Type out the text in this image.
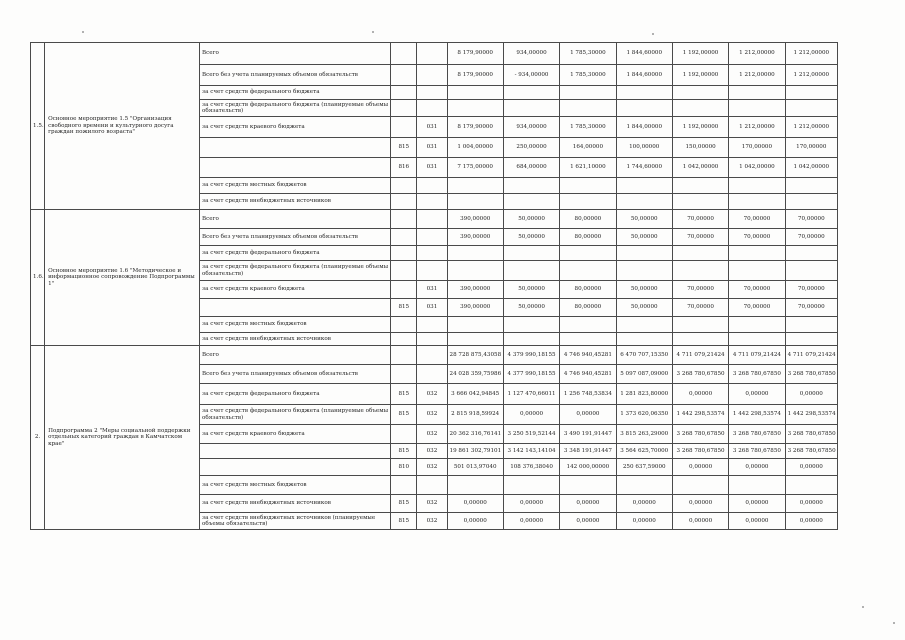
1.5.	Основное мероприятие 1.5 "Организация свободного времени и культурного досуга граждан пожилого возраста"	Всего			8 179,90000	934,00000	1 785,30000	1 844,60000	1 192,00000	1 212,00000	1 212,00000
		Всего без учета планируемых объемов обязательств			8 179,90000	- 934,00000	1 785,30000	1 844,60000	1 192,00000	1 212,00000	1 212,00000
		за счет средств федерального бюджета									
		за счет средств федерального бюджета (планируемые объемы обязательств)									
		за счет средств краевого бюджета		031	8 179,90000	934,00000	1 785,30000	1 844,00000	1 192,00000	1 212,00000	1 212,00000
			815	031	1 004,00000	250,00000	164,00000	100,00000	150,00000	170,00000	170,00000
			816	031	7 175,00000	684,00000	1 621,10000	1 744,60000	1 042,00000	1 042,00000	1 042,00000
		за счет средств местных бюджетов									
		за счет средств внебюджетных источников									
1.6.	Основное мероприятие 1.6 "Методическое и информационное сопровождение Подпрограммы 1"	Всего			390,00000	50,00000	80,00000	50,00000	70,00000	70,00000	70,00000
		Всего без учета планируемых объемов обязательств			390,00000	50,00000	80,00000	50,00000	70,00000	70,00000	70,00000
		за счет средств федерального бюджета									
		за счет средств федерального бюджета (планируемые объемы обязательств)									
		за счет средств краевого бюджета		031	390,00000	50,00000	80,00000	50,00000	70,00000	70,00000	70,00000
			815	031	390,00000	50,00000	80,00000	50,00000	70,00000	70,00000	70,00000
		за счет средств местных бюджетов									
		за счет средств внебюджетных источников									
2.	Подпрограмма 2 "Меры социальной поддержки отдельных категорий граждан в Камчатском крае"	Всего			28 728 875,43058	4 379 990,18155	4 746 940,45281	6 470 707,15350	4 711 079,21424	4 711 079,21424	4 711 079,21424
		Всего без учета планируемых объемов обязательств			24 028 359,75986	4 377 990,18155	4 746 940,45281	5 097 087,09000	3 268 780,67850	3 268 780,67850	3 268 780,67850
		за счет средств федерального бюджета	815	032	3 666 042,94845	1 127 470,66011	1 256 748,53834	1 281 823,80000	0,00000	0,00000	0,00000
		за счет средств федерального бюджета (планируемые объемы обязательств)	815	032	2 815 918,59924	0,00000	0,00000	1 373 620,06350	1 442 298,53574	1 442 298,53574	1 442 298,53574
		за счет средств краевого бюджета		032	20 362 316,76141	3 250 519,52144	3 490 191,91447	3 815 263,29000	3 268 780,67850	3 268 780,67850	3 268 780,67850
			815	032	19 861 302,79101	3 142 143,14104	3 348 191,91447	3 564 625,70000	3 268 780,67850	3 268 780,67850	3 268 780,67850
			810	032	501 013,97040	108 376,38040	142 000,00000	250 637,59000	0,00000	0,00000	0,00000
		за счет средств местных бюджетов									
		за счет средств внебюджетных источников	815	032	0,00000	0,00000	0,00000	0,00000	0,00000	0,00000	0,00000
		за счет средств внебюджетных источников (планируемые объемы обязательств)	815	032	0,00000	0,00000	0,00000	0,00000	0,00000	0,00000	0,00000
